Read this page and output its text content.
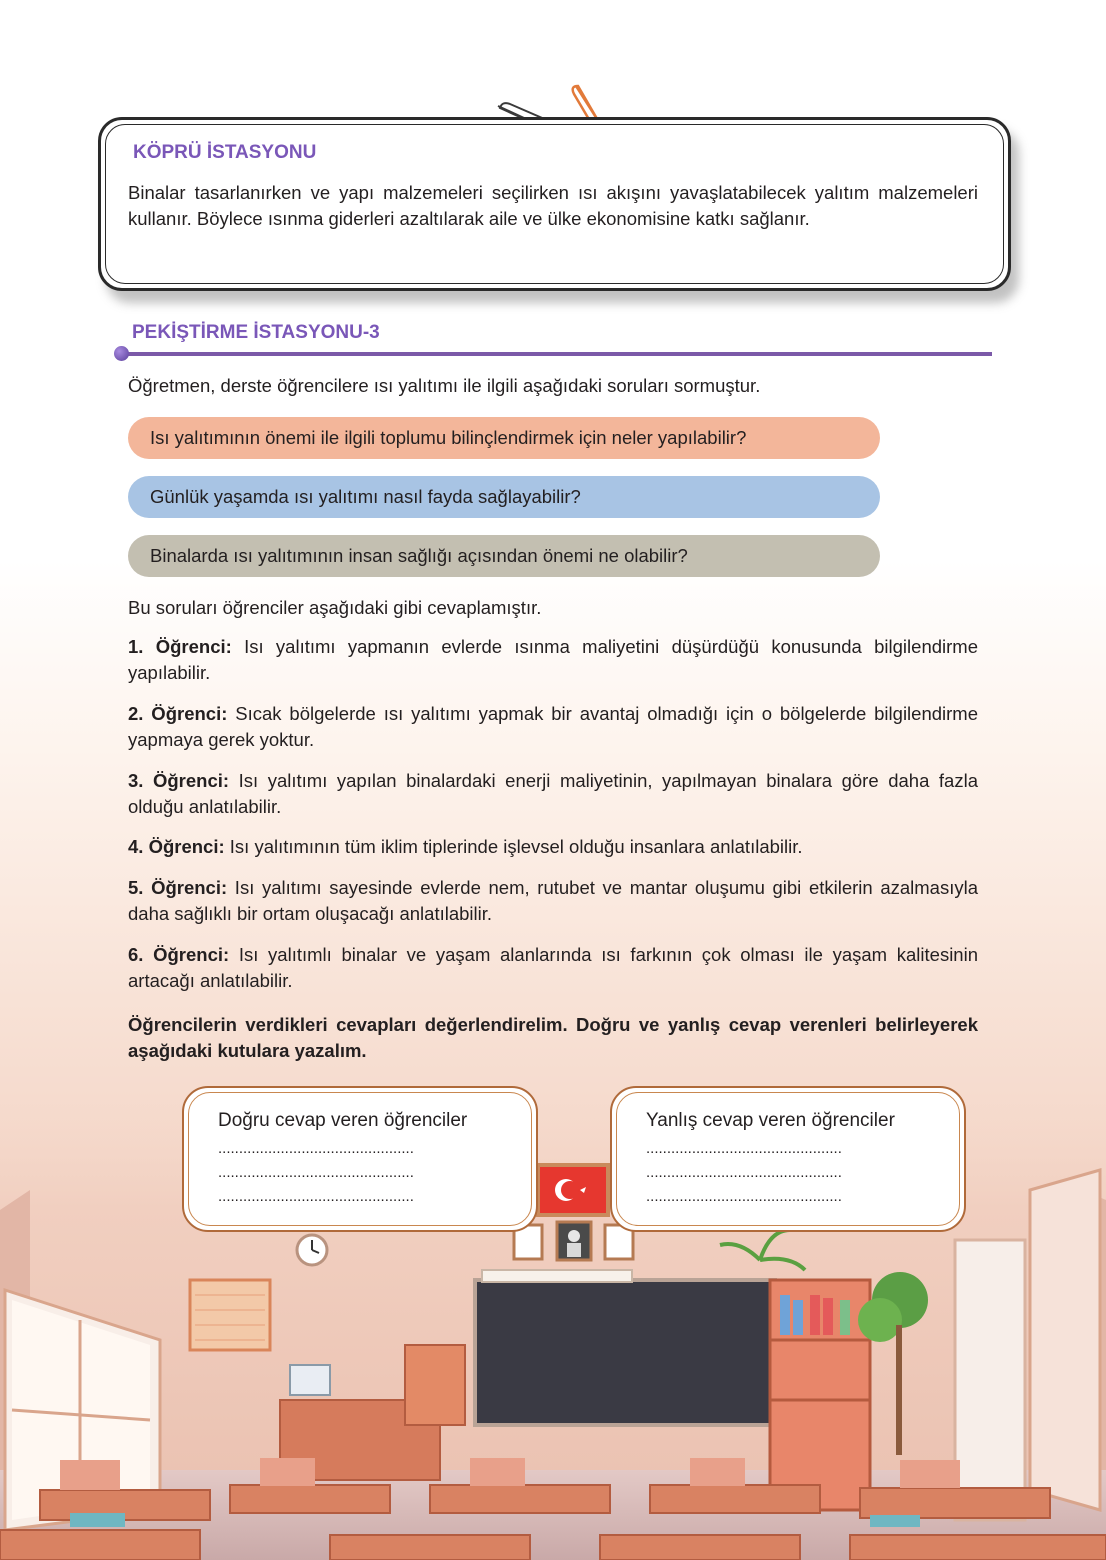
KÖPRÜ İSTASYONU
Binalar tasarlanırken ve yapı malzemeleri seçilirken ısı akışını yavaşlatabilecek yalıtım malzemeleri kullanır. Böylece ısınma giderleri azaltılarak aile ve ülke ekonomisine katkı sağlanır.
PEKİŞTİRME İSTASYONU-3
Öğretmen, derste öğrencilere ısı yalıtımı ile ilgili aşağıdaki soruları sormuştur.
Isı yalıtımının önemi ile ilgili toplumu bilinçlendirmek için neler yapılabilir?
Günlük yaşamda ısı yalıtımı nasıl fayda sağlayabilir?
Binalarda ısı yalıtımının insan sağlığı açısından önemi ne olabilir?
Bu soruları öğrenciler aşağıdaki gibi cevaplamıştır.
1. Öğrenci: Isı yalıtımı yapmanın evlerde ısınma maliyetini düşürdüğü konusunda bilgilendirme yapılabilir.
2. Öğrenci: Sıcak bölgelerde ısı yalıtımı yapmak bir avantaj olmadığı için o bölgelerde bilgilendirme yapmaya gerek yoktur.
3. Öğrenci: Isı yalıtımı yapılan binalardaki enerji maliyetinin, yapılmayan binalara göre daha fazla olduğu anlatılabilir.
4. Öğrenci: Isı yalıtımının tüm iklim tiplerinde işlevsel olduğu insanlara anlatılabilir.
5. Öğrenci: Isı yalıtımı sayesinde evlerde nem, rutubet ve mantar oluşumu gibi etkilerin azalmasıyla daha sağlıklı bir ortam oluşacağı anlatılabilir.
6. Öğrenci: Isı yalıtımlı binalar ve yaşam alanlarında ısı farkının çok olması ile yaşam kalitesinin artacağı anlatılabilir.
Öğrencilerin verdikleri cevapları değerlendirelim. Doğru ve yanlış cevap verenleri belirleyerek aşağıdaki kutulara yazalım.
Doğru cevap veren öğrenciler
...............................................
...............................................
...............................................
Yanlış cevap veren öğrenciler
...............................................
...............................................
...............................................
